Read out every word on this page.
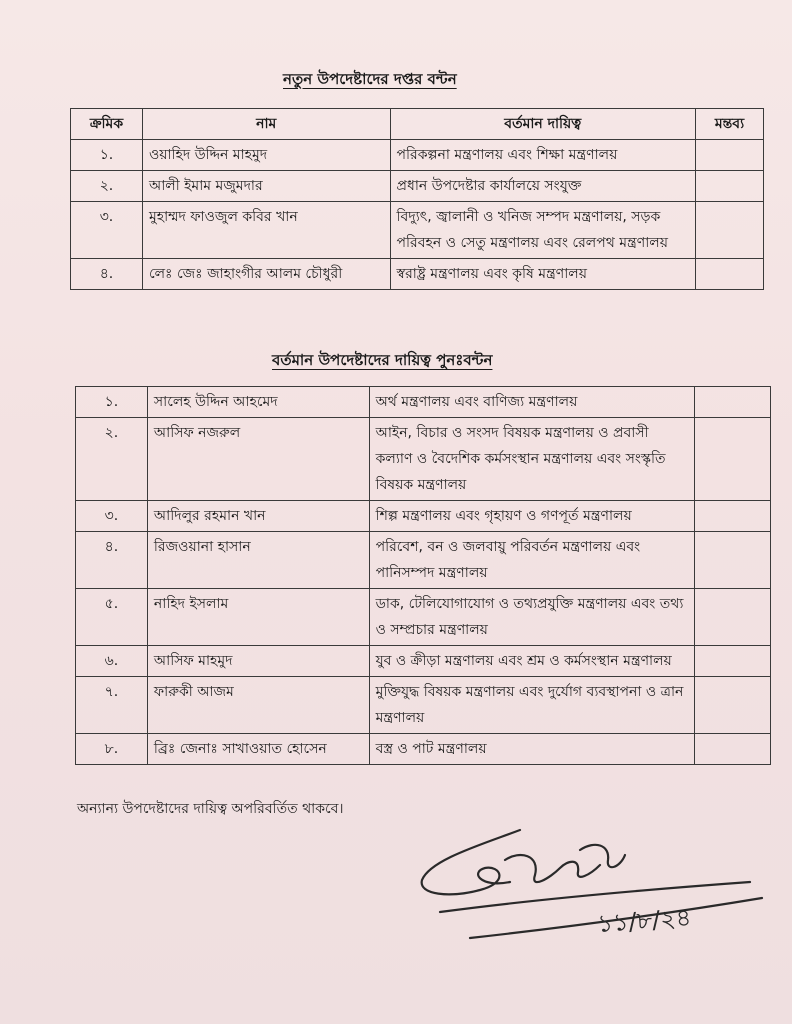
নতুন উপদেষ্টাদের দপ্তর বন্টন
ক্রমিক	নাম	বর্তমান দায়িত্ব	মন্তব্য
১.	ওয়াহিদ উদ্দিন মাহমুদ	পরিকল্পনা মন্ত্রণালয় এবং শিক্ষা মন্ত্রণালয়	
২.	আলী ইমাম মজুমদার	প্রধান উপদেষ্টার কার্যালয়ে সংযুক্ত	
৩.	মুহাম্মদ ফাওজুল কবির খান	বিদ্যুৎ, জ্বালানী ও খনিজ সম্পদ মন্ত্রণালয়, সড়ক পরিবহন ও সেতু মন্ত্রণালয় এবং রেলপথ মন্ত্রণালয়	
৪.	লেঃ জেঃ জাহাংগীর আলম চৌধুরী	স্বরাষ্ট্র মন্ত্রণালয় এবং কৃষি মন্ত্রণালয়	
বর্তমান উপদেষ্টাদের দায়িত্ব পুনঃবন্টন
১.	সালেহ উদ্দিন আহমেদ	অর্থ মন্ত্রণালয় এবং বাণিজ্য মন্ত্রণালয়	
২.	আসিফ নজরুল	আইন, বিচার ও সংসদ বিষয়ক মন্ত্রণালয় ও প্রবাসী কল্যাণ ও বৈদেশিক কর্মসংস্থান মন্ত্রণালয় এবং সংস্কৃতি বিষয়ক মন্ত্রণালয়	
৩.	আদিলুর রহমান খান	শিল্প মন্ত্রণালয় এবং গৃহায়ণ ও গণপূর্ত মন্ত্রণালয়	
৪.	রিজওয়ানা হাসান	পরিবেশ, বন ও জলবায়ু পরিবর্তন মন্ত্রণালয় এবং পানিসম্পদ মন্ত্রণালয়	
৫.	নাহিদ ইসলাম	ডাক, টেলিযোগাযোগ ও তথ্যপ্রযুক্তি মন্ত্রণালয় এবং তথ্য ও সম্প্রচার মন্ত্রণালয়	
৬.	আসিফ মাহমুদ	যুব ও ক্রীড়া মন্ত্রণালয় এবং শ্রম ও কর্মসংস্থান মন্ত্রণালয়	
৭.	ফারুকী আজম	মুক্তিযুদ্ধ বিষয়ক মন্ত্রণালয় এবং দুর্যোগ ব্যবস্থাপনা ও ত্রান মন্ত্রণালয়	
৮.	ব্রিঃ জেনাঃ সাখাওয়াত হোসেন	বস্ত্র ও পাট মন্ত্রণালয়	
অন্যান্য উপদেষ্টাদের দায়িত্ব অপরিবর্তিত থাকবে।
১১/৮/২৪
